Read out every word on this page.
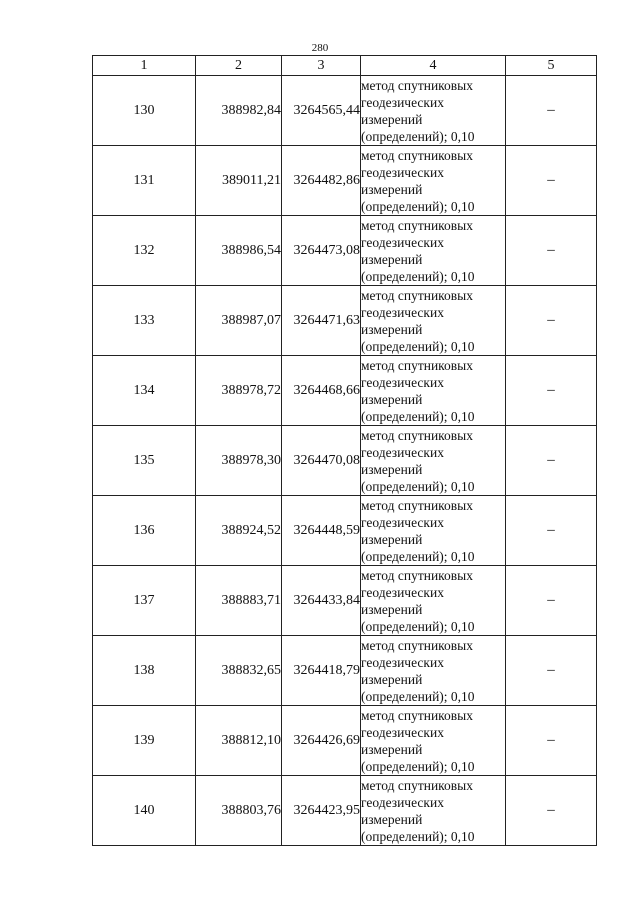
280
1	2	3	4	5
130	388982,84	3264565,44	метод спутниковых
геодезических
измерений
(определений); 0,10	–
131	389011,21	3264482,86	метод спутниковых
геодезических
измерений
(определений); 0,10	–
132	388986,54	3264473,08	метод спутниковых
геодезических
измерений
(определений); 0,10	–
133	388987,07	3264471,63	метод спутниковых
геодезических
измерений
(определений); 0,10	–
134	388978,72	3264468,66	метод спутниковых
геодезических
измерений
(определений); 0,10	–
135	388978,30	3264470,08	метод спутниковых
геодезических
измерений
(определений); 0,10	–
136	388924,52	3264448,59	метод спутниковых
геодезических
измерений
(определений); 0,10	–
137	388883,71	3264433,84	метод спутниковых
геодезических
измерений
(определений); 0,10	–
138	388832,65	3264418,79	метод спутниковых
геодезических
измерений
(определений); 0,10	–
139	388812,10	3264426,69	метод спутниковых
геодезических
измерений
(определений); 0,10	–
140	388803,76	3264423,95	метод спутниковых
геодезических
измерений
(определений); 0,10	–
